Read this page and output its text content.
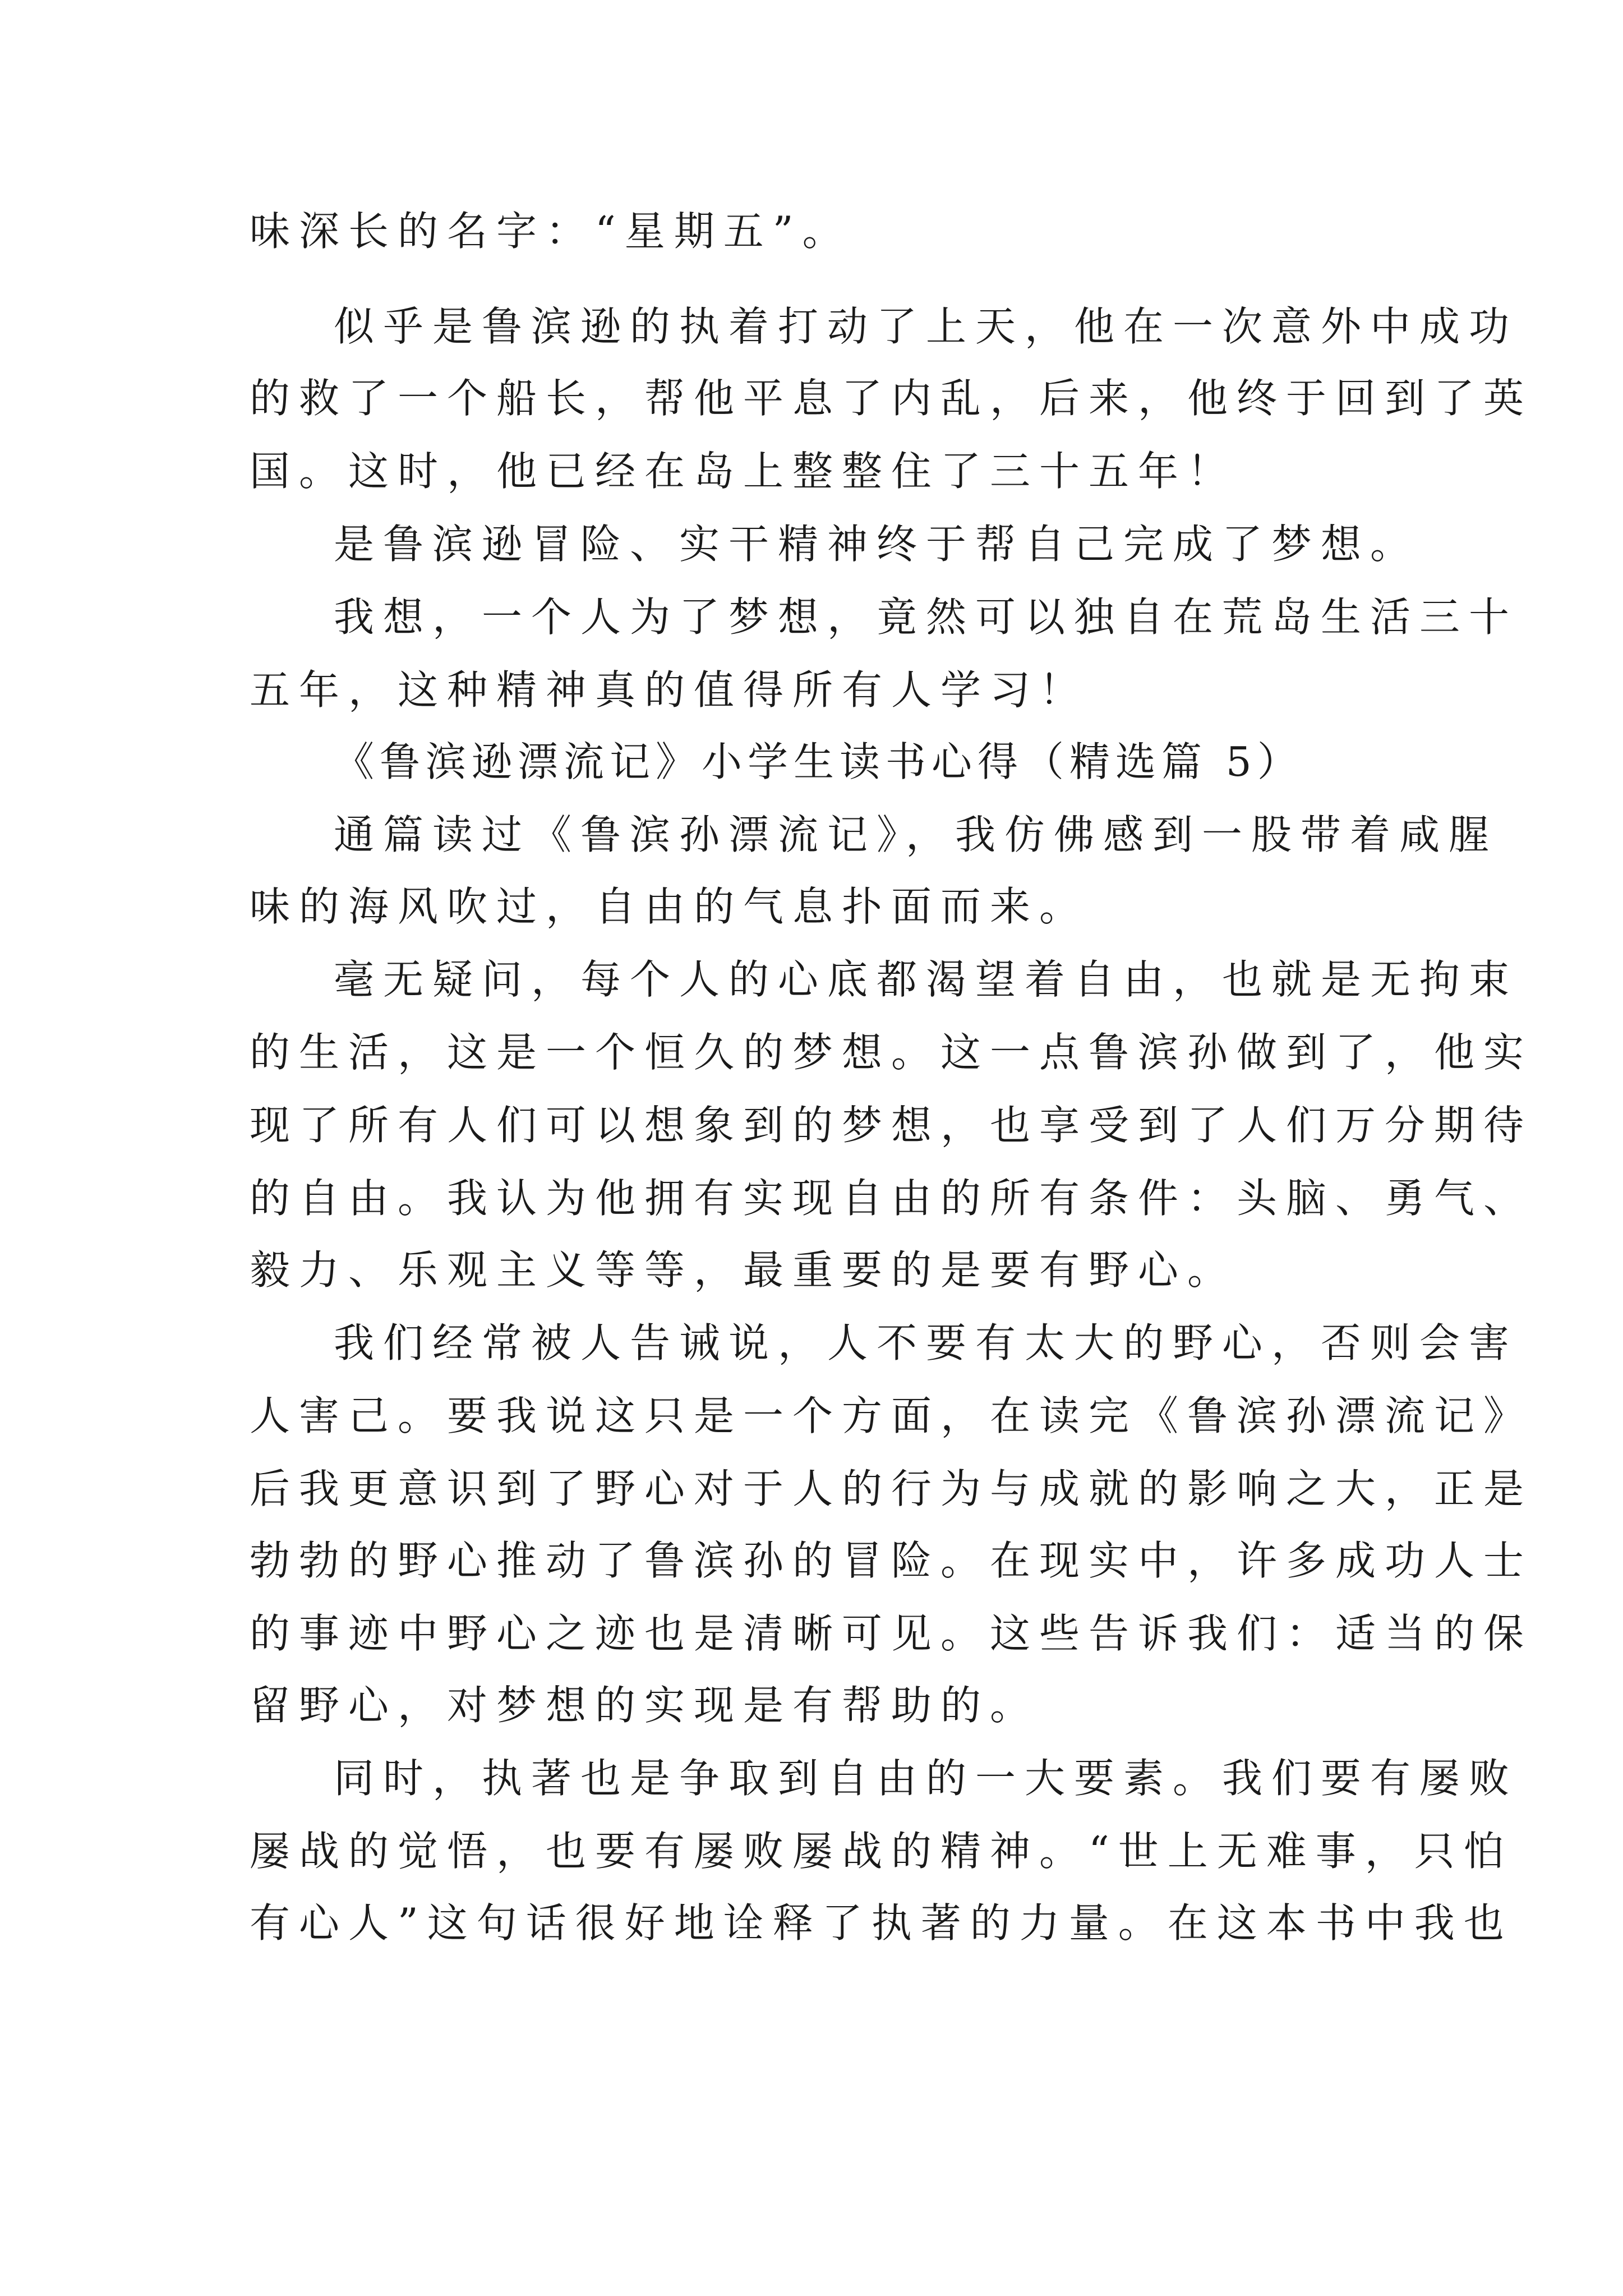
味深长的名字：“星期五”。
似乎是鲁滨逊的执着打动了上天，他在一次意外中成功
的救了一个船长，帮他平息了内乱，后来，他终于回到了英
国。这时，他已经在岛上整整住了三十五年！
是鲁滨逊冒险、实干精神终于帮自己完成了梦想。
我想，一个人为了梦想，竟然可以独自在荒岛生活三十
五年，这种精神真的值得所有人学习！
《鲁滨逊漂流记》小学生读书心得（精选篇 5）
通篇读过《鲁滨孙漂流记》，我仿佛感到一股带着咸腥
味的海风吹过，自由的气息扑面而来。
毫无疑问，每个人的心底都渴望着自由，也就是无拘束
的生活，这是一个恒久的梦想。这一点鲁滨孙做到了，他实
现了所有人们可以想象到的梦想，也享受到了人们万分期待
的自由。我认为他拥有实现自由的所有条件：头脑、勇气、
毅力、乐观主义等等，最重要的是要有野心。
我们经常被人告诫说，人不要有太大的野心，否则会害
人害己。要我说这只是一个方面，在读完《鲁滨孙漂流记》
后我更意识到了野心对于人的行为与成就的影响之大，正是
勃勃的野心推动了鲁滨孙的冒险。在现实中，许多成功人士
的事迹中野心之迹也是清晰可见。这些告诉我们：适当的保
留野心，对梦想的实现是有帮助的。
同时，执著也是争取到自由的一大要素。我们要有屡败
屡战的觉悟，也要有屡败屡战的精神。“世上无难事，只怕
有心人”这句话很好地诠释了执著的力量。在这本书中我也
